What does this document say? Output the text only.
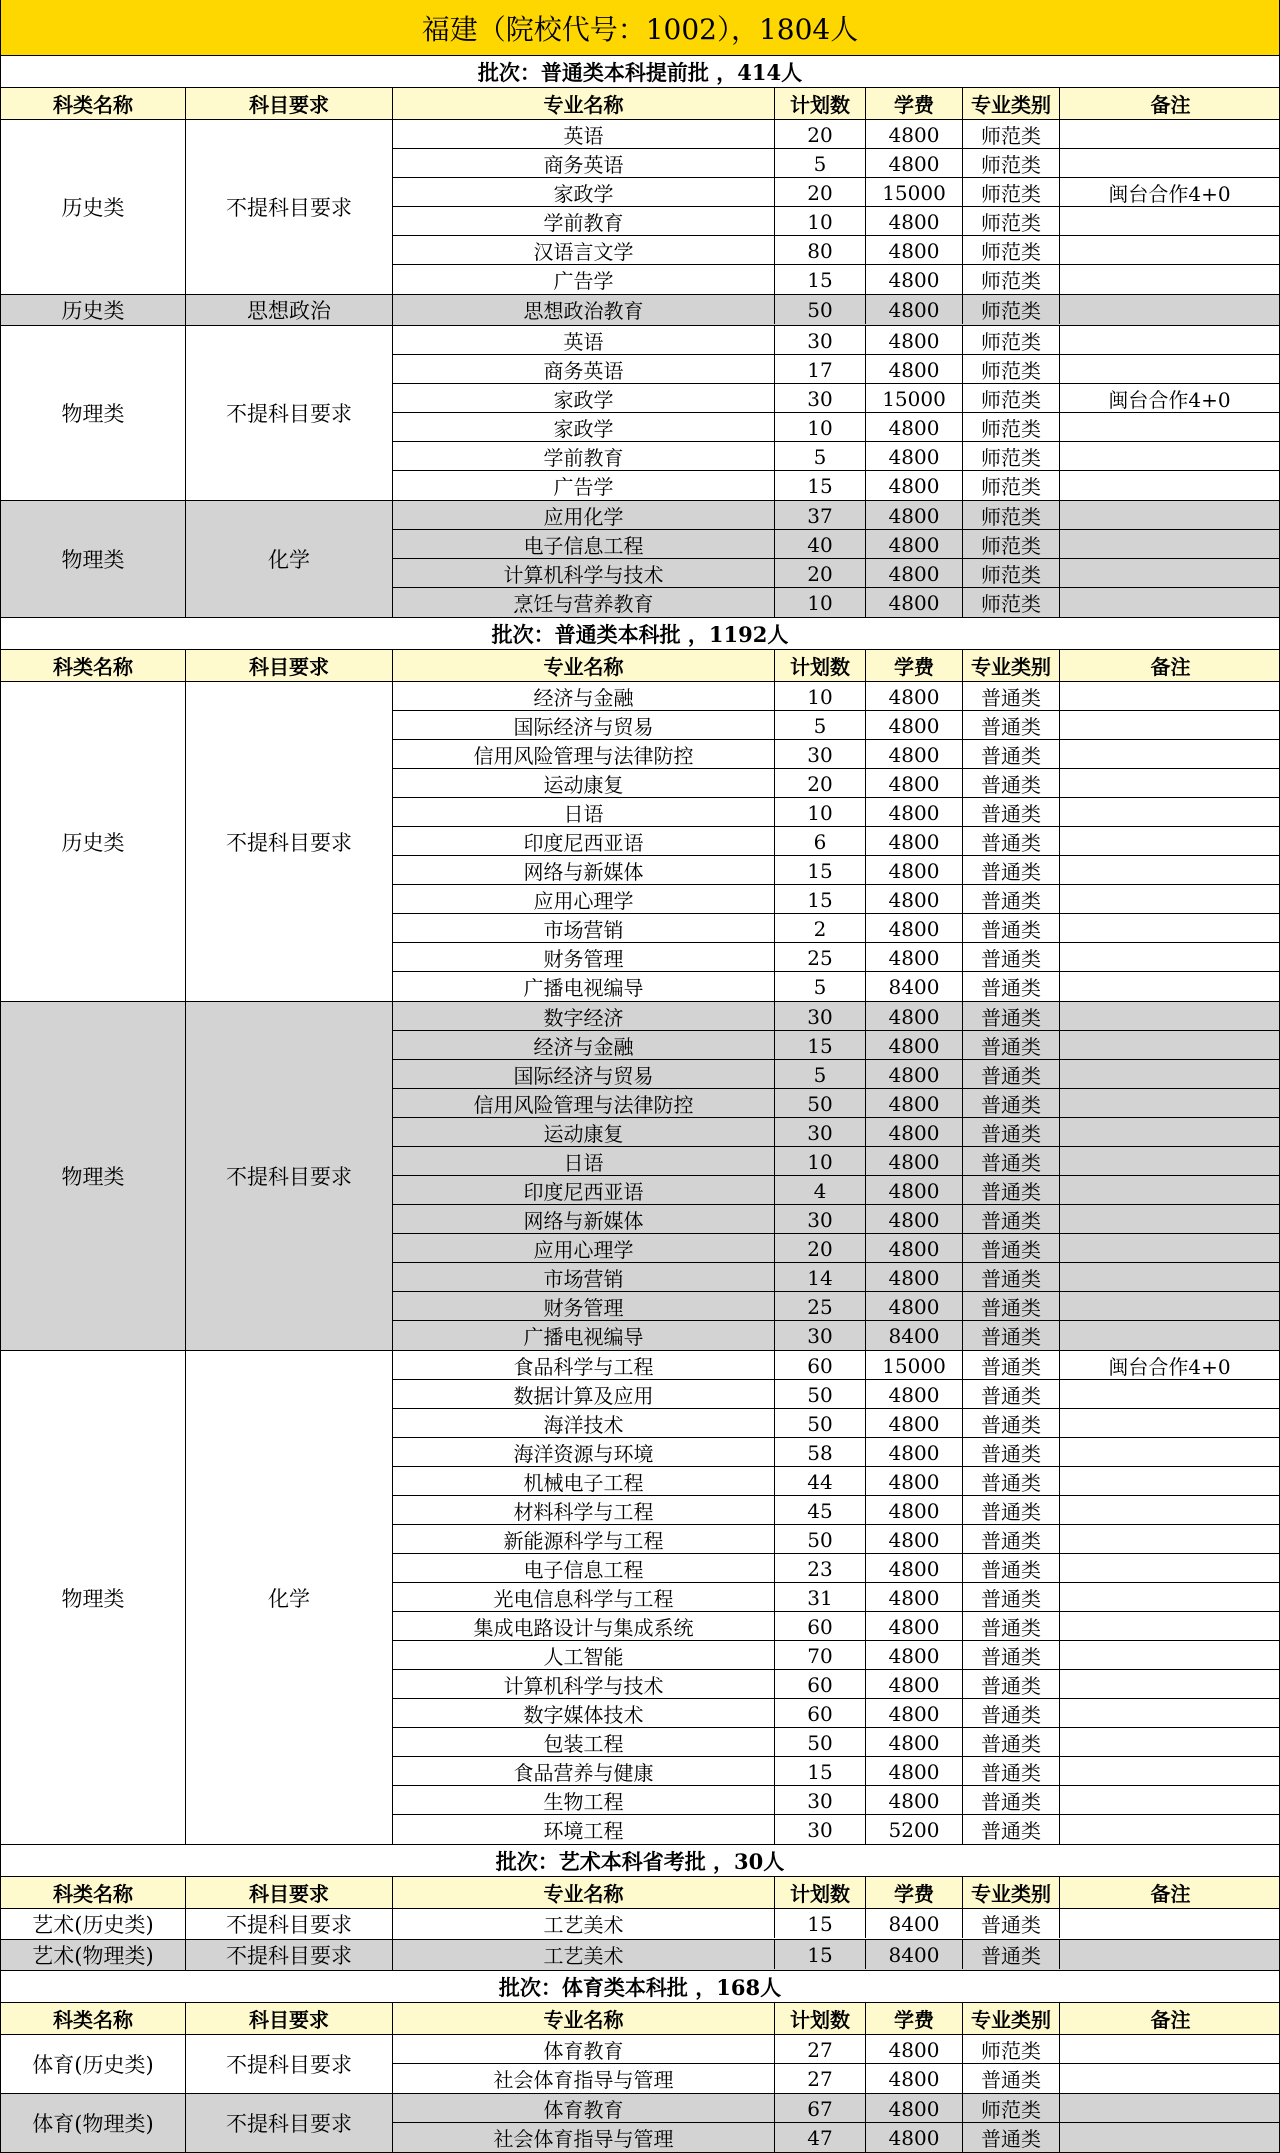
福建（院校代号：1002），1804人
批次：普通类本科提前批 ，414人
科类名称	科目要求	专业名称	计划数	学费	专业类别	备注
历史类	不提科目要求
英语	20	4800	师范类
商务英语	5	4800	师范类
家政学	20	15000	师范类	闽台合作4+0
学前教育	10	4800	师范类
汉语言文学	80	4800	师范类
广告学	15	4800	师范类
历史类	思想政治	思想政治教育	50	4800	师范类
物理类	不提科目要求
英语	30	4800	师范类
商务英语	17	4800	师范类
家政学	30	15000	师范类	闽台合作4+0
家政学	10	4800	师范类
学前教育	5	4800	师范类
广告学	15	4800	师范类
物理类	化学
应用化学	37	4800	师范类
电子信息工程	40	4800	师范类
计算机科学与技术	20	4800	师范类
烹饪与营养教育	10	4800	师范类
批次：普通类本科批 ，1192人
科类名称	科目要求	专业名称	计划数	学费	专业类别	备注
历史类	不提科目要求
经济与金融	10	4800	普通类
国际经济与贸易	5	4800	普通类
信用风险管理与法律防控	30	4800	普通类
运动康复	20	4800	普通类
日语	10	4800	普通类
印度尼西亚语	6	4800	普通类
网络与新媒体	15	4800	普通类
应用心理学	15	4800	普通类
市场营销	2	4800	普通类
财务管理	25	4800	普通类
广播电视编导	5	8400	普通类
物理类	不提科目要求
数字经济	30	4800	普通类
经济与金融	15	4800	普通类
国际经济与贸易	5	4800	普通类
信用风险管理与法律防控	50	4800	普通类
运动康复	30	4800	普通类
日语	10	4800	普通类
印度尼西亚语	4	4800	普通类
网络与新媒体	30	4800	普通类
应用心理学	20	4800	普通类
市场营销	14	4800	普通类
财务管理	25	4800	普通类
广播电视编导	30	8400	普通类
物理类	化学
食品科学与工程	60	15000	普通类	闽台合作4+0
数据计算及应用	50	4800	普通类
海洋技术	50	4800	普通类
海洋资源与环境	58	4800	普通类
机械电子工程	44	4800	普通类
材料科学与工程	45	4800	普通类
新能源科学与工程	50	4800	普通类
电子信息工程	23	4800	普通类
光电信息科学与工程	31	4800	普通类
集成电路设计与集成系统	60	4800	普通类
人工智能	70	4800	普通类
计算机科学与技术	60	4800	普通类
数字媒体技术	60	4800	普通类
包装工程	50	4800	普通类
食品营养与健康	15	4800	普通类
生物工程	30	4800	普通类
环境工程	30	5200	普通类
批次：艺术本科省考批 ，30人
科类名称	科目要求	专业名称	计划数	学费	专业类别	备注
艺术(历史类)	不提科目要求	工艺美术	15	8400	普通类
艺术(物理类)	不提科目要求	工艺美术	15	8400	普通类
批次：体育类本科批 ，168人
科类名称	科目要求	专业名称	计划数	学费	专业类别	备注
体育(历史类)	不提科目要求
体育教育	27	4800	师范类
社会体育指导与管理	27	4800	普通类
体育(物理类)	不提科目要求
体育教育	67	4800	师范类
社会体育指导与管理	47	4800	普通类
